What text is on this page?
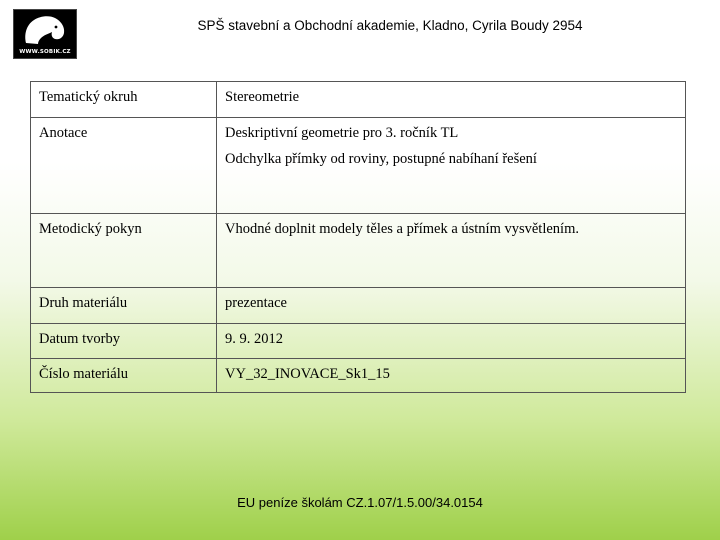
WWW.SOBIK.CZ
SPŠ stavební a Obchodní akademie, Kladno, Cyrila Boudy 2954
Tematický okruh	Stereometrie

Anotace	Deskriptivní geometrie pro 3. ročník TL
Odchylka přímky od roviny, postupné nabíhaní řešení

Metodický pokyn	Vhodné doplnit modely těles a přímek a ústním vysvětlením.

Druh materiálu	prezentace

Datum tvorby	9. 9. 2012

Číslo materiálu	VY_32_INOVACE_Sk1_15
EU peníze školám CZ.1.07/1.5.00/34.0154
